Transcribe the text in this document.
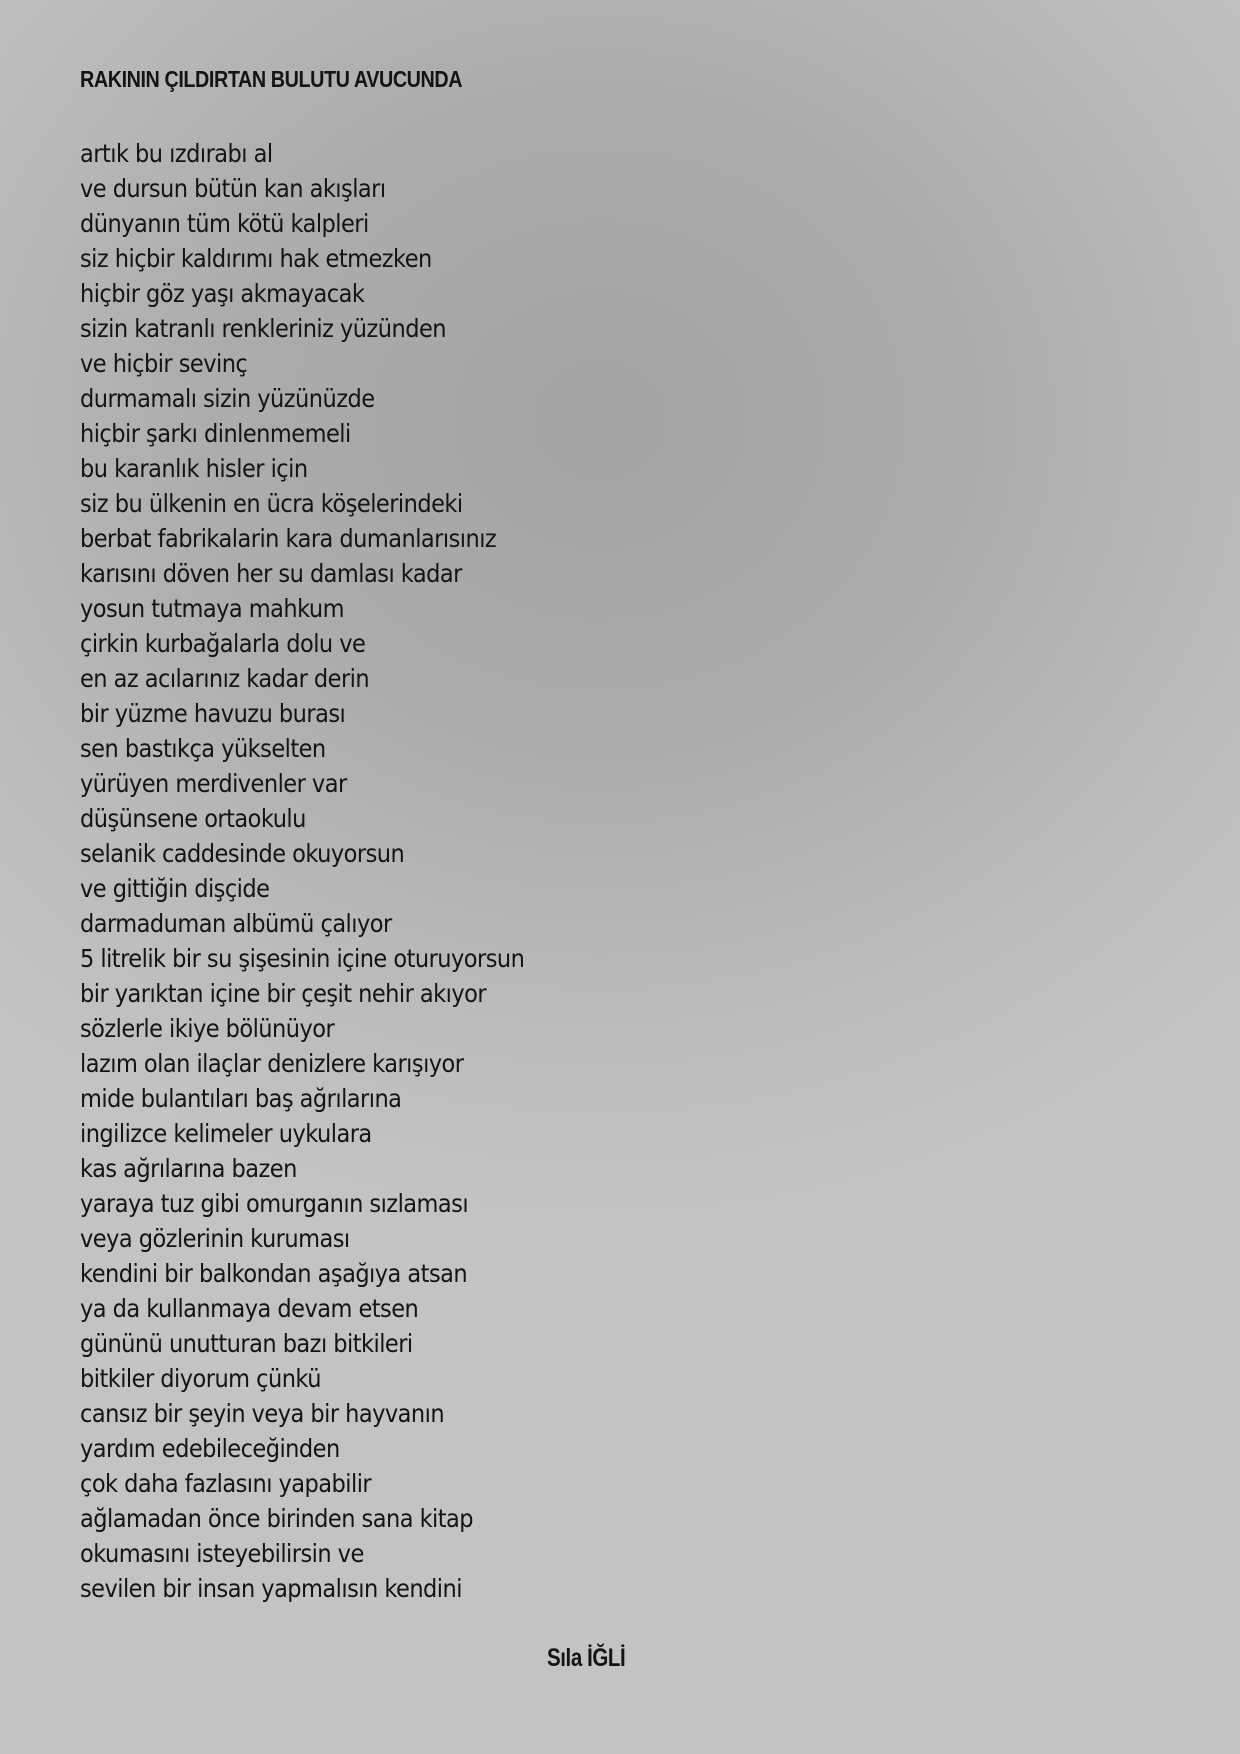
RAKININ ÇILDIRTAN BULUTU AVUCUNDA
artık bu ızdırabı al
ve dursun bütün kan akışları
dünyanın tüm kötü kalpleri
siz hiçbir kaldırımı hak etmezken
hiçbir göz yaşı akmayacak
sizin katranlı renkleriniz yüzünden
ve hiçbir sevinç
durmamalı sizin yüzünüzde
hiçbir şarkı dinlenmemeli
bu karanlık hisler için
siz bu ülkenin en ücra köşelerindeki
berbat fabrikalarin kara dumanlarısınız
karısını döven her su damlası kadar
yosun tutmaya mahkum
çirkin kurbağalarla dolu ve
en az acılarınız kadar derin
bir yüzme havuzu burası
sen bastıkça yükselten
yürüyen merdivenler var
düşünsene ortaokulu
selanik caddesinde okuyorsun
ve gittiğin dişçide
darmaduman albümü çalıyor
5 litrelik bir su şişesinin içine oturuyorsun
bir yarıktan içine bir çeşit nehir akıyor
sözlerle ikiye bölünüyor
lazım olan ilaçlar denizlere karışıyor
mide bulantıları baş ağrılarına
ingilizce kelimeler uykulara
kas ağrılarına bazen
yaraya tuz gibi omurganın sızlaması
veya gözlerinin kuruması
kendini bir balkondan aşağıya atsan
ya da kullanmaya devam etsen
gününü unutturan bazı bitkileri
bitkiler diyorum çünkü
cansız bir şeyin veya bir hayvanın
yardım edebileceğinden
çok daha fazlasını yapabilir
ağlamadan önce birinden sana kitap
okumasını isteyebilirsin ve
sevilen bir insan yapmalısın kendini

Sıla İĞLİ
